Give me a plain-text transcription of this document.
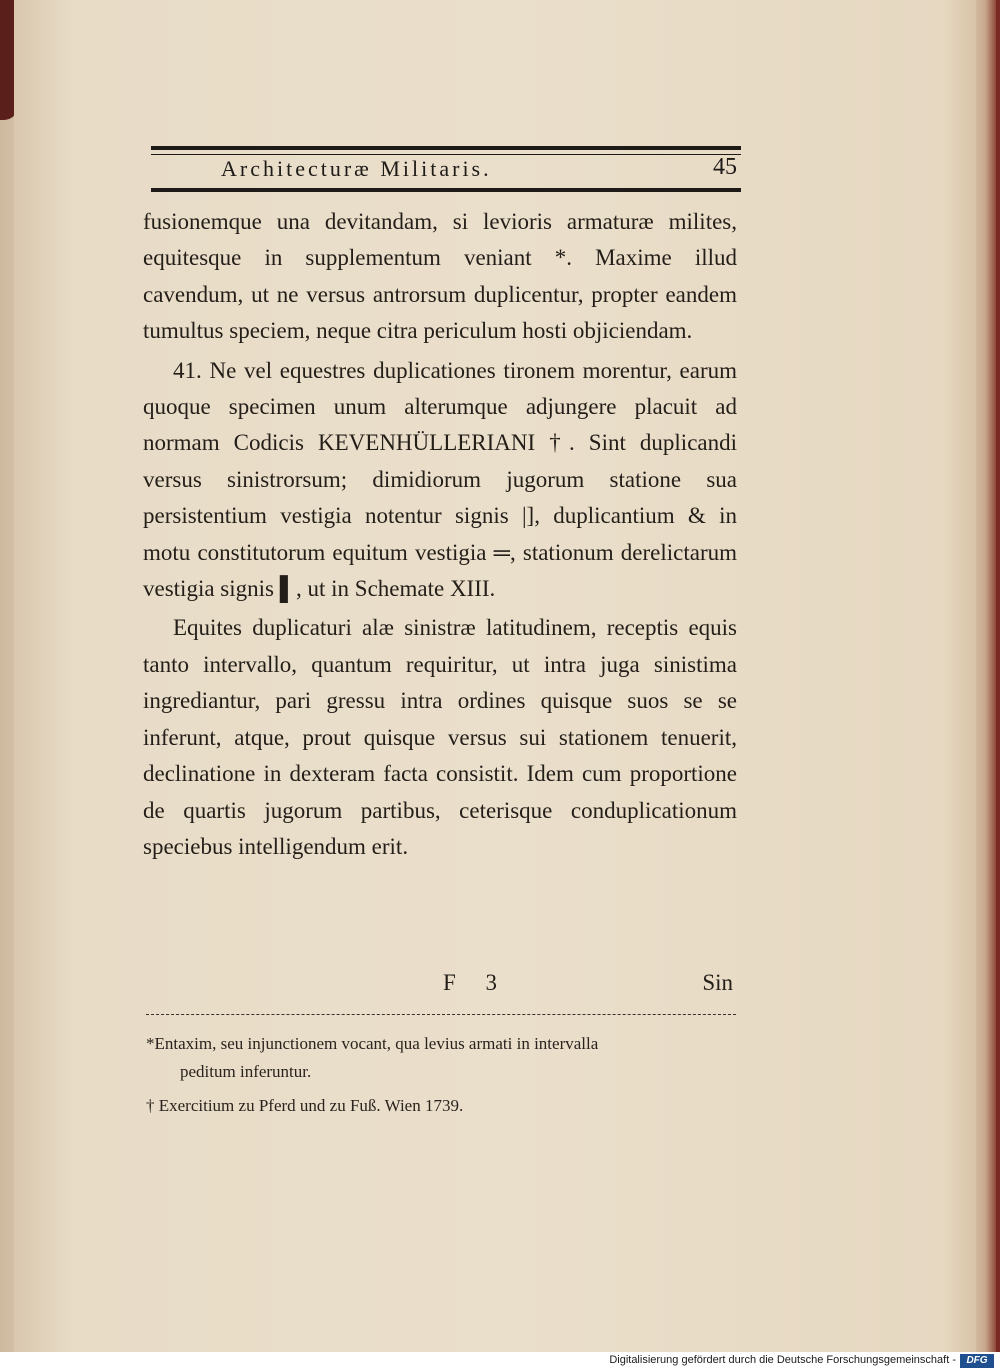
Architecturæ Militaris.	45

fusionemque una devitandam, si levioris armaturæ milites, equitesque in supplementum veniant *. Maxime illud cavendum, ut ne versus antrorsum duplicentur, propter eandem tumultus speciem, neque citra periculum hosti objiciendam.

41. Ne vel equestres duplicationes tironem morentur, earum quoque specimen unum alterumque adjungere placuit ad normam Codicis KEVENHÜLLERIANI †. Sint duplicandi versus sinistrorsum; dimidiorum jugorum statione sua persistentium vestigia notentur signis |], duplicantium & in motu constitutorum equitum vestigia ═, stationum derelictarum vestigia signis ▌, ut in Schemate XIII.

Equites duplicaturi alæ sinistræ latitudinem, receptis equis tanto intervallo, quantum requiritur, ut intra juga sinistima ingrediantur, pari gressu intra ordines quisque suos se se inferunt, atque, prout quisque versus sui stationem tenuerit, declinatione in dexteram facta consistit. Idem cum proportione de quartis jugorum partibus, ceterisque conduplicationum speciebus intelligendum erit.

F 3	Sin

*Entaxim, seu injunctionem vocant, qua levius armati in intervalla
peditum inferuntur.

† Exercitium zu Pferd und zu Fuß. Wien 1739.

Digitalisierung gefördert durch die Deutsche Forschungsgemeinschaft -	DFG
